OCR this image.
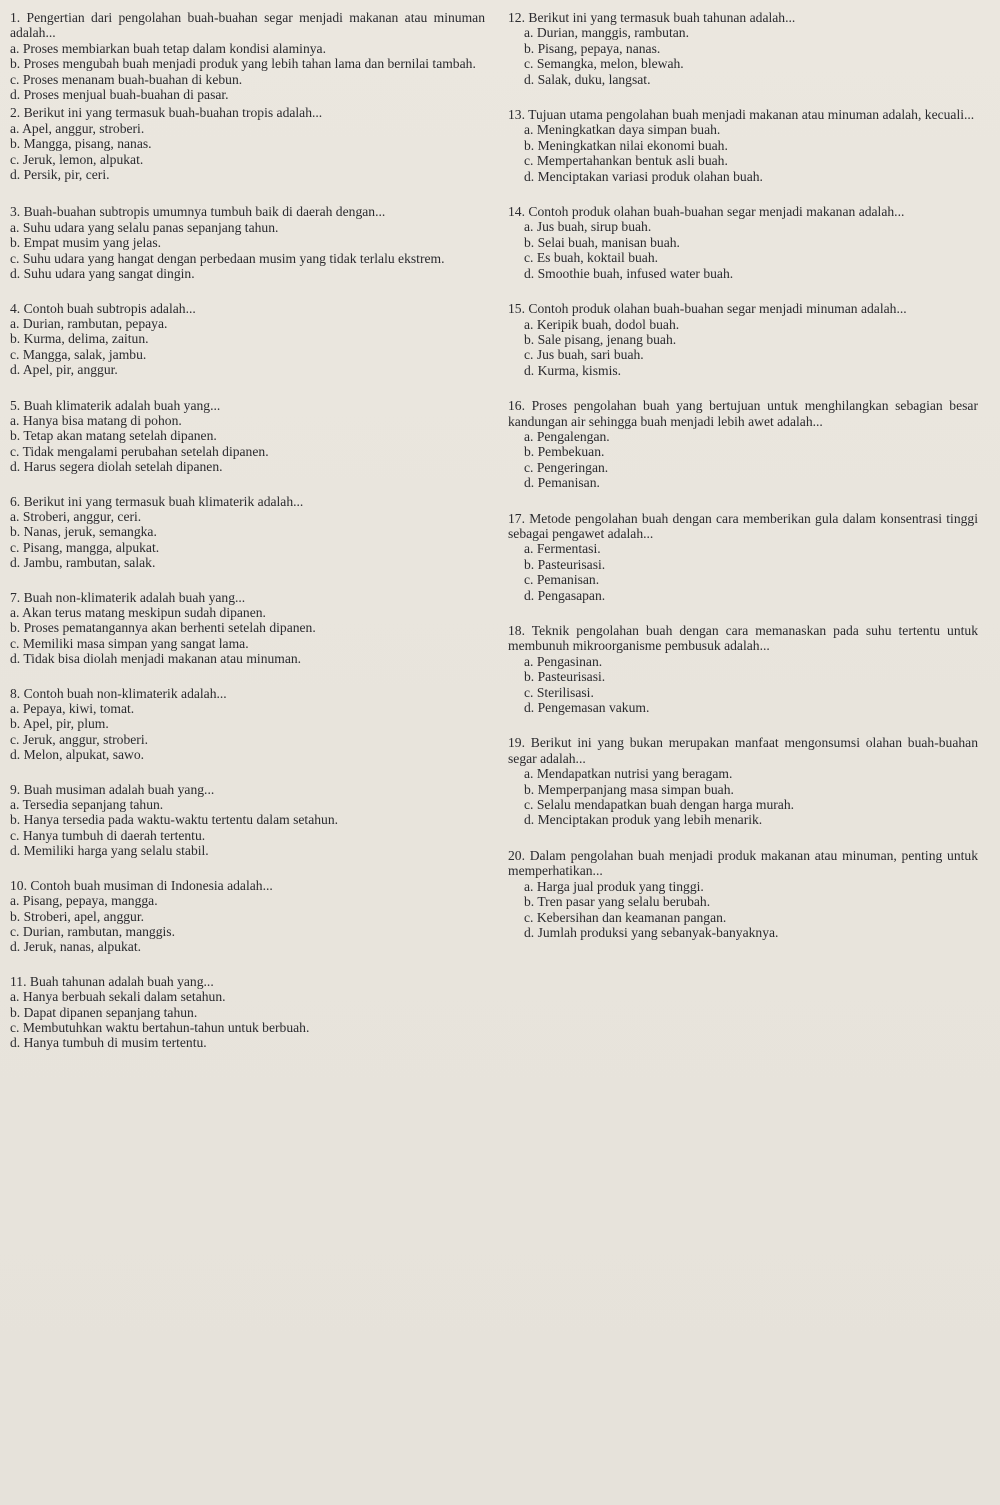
1. Pengertian dari pengolahan buah-buahan segar menjadi makanan atau minuman adalah...

a. Proses membiarkan buah tetap dalam kondisi alaminya.
b. Proses mengubah buah menjadi produk yang lebih tahan lama dan bernilai tambah.
c. Proses menanam buah-buahan di kebun.
d. Proses menjual buah-buahan di pasar.

2. Berikut ini yang termasuk buah-buahan tropis adalah...

a. Apel, anggur, stroberi.
b. Mangga, pisang, nanas.
c. Jeruk, lemon, alpukat.
d. Persik, pir, ceri.

3. Buah-buahan subtropis umumnya tumbuh baik di daerah dengan...

a. Suhu udara yang selalu panas sepanjang tahun.
b. Empat musim yang jelas.
c. Suhu udara yang hangat dengan perbedaan musim yang tidak terlalu ekstrem.
d. Suhu udara yang sangat dingin.

4. Contoh buah subtropis adalah...

a. Durian, rambutan, pepaya.
b. Kurma, delima, zaitun.
c. Mangga, salak, jambu.
d. Apel, pir, anggur.

5. Buah klimaterik adalah buah yang...

a. Hanya bisa matang di pohon.
b. Tetap akan matang setelah dipanen.
c. Tidak mengalami perubahan setelah dipanen.
d. Harus segera diolah setelah dipanen.

6. Berikut ini yang termasuk buah klimaterik adalah...

a. Stroberi, anggur, ceri.
b. Nanas, jeruk, semangka.
c. Pisang, mangga, alpukat.
d. Jambu, rambutan, salak.

7. Buah non-klimaterik adalah buah yang...

a. Akan terus matang meskipun sudah dipanen.
b. Proses pematangannya akan berhenti setelah dipanen.
c. Memiliki masa simpan yang sangat lama.
d. Tidak bisa diolah menjadi makanan atau minuman.

8. Contoh buah non-klimaterik adalah...

a. Pepaya, kiwi, tomat.
b. Apel, pir, plum.
c. Jeruk, anggur, stroberi.
d. Melon, alpukat, sawo.

9. Buah musiman adalah buah yang...

a. Tersedia sepanjang tahun.
b. Hanya tersedia pada waktu-waktu tertentu dalam setahun.
c. Hanya tumbuh di daerah tertentu.
d. Memiliki harga yang selalu stabil.

10. Contoh buah musiman di Indonesia adalah...

a. Pisang, pepaya, mangga.
b. Stroberi, apel, anggur.
c. Durian, rambutan, manggis.
d. Jeruk, nanas, alpukat.

11. Buah tahunan adalah buah yang...

a. Hanya berbuah sekali dalam setahun.
b. Dapat dipanen sepanjang tahun.
c. Membutuhkan waktu bertahun-tahun untuk berbuah.
d. Hanya tumbuh di musim tertentu.

12. Berikut ini yang termasuk buah tahunan adalah...

a. Durian, manggis, rambutan.
b. Pisang, pepaya, nanas.
c. Semangka, melon, blewah.
d. Salak, duku, langsat.

13. Tujuan utama pengolahan buah menjadi makanan atau minuman adalah, kecuali...

a. Meningkatkan daya simpan buah.
b. Meningkatkan nilai ekonomi buah.
c. Mempertahankan bentuk asli buah.
d. Menciptakan variasi produk olahan buah.

14. Contoh produk olahan buah-buahan segar menjadi makanan adalah...

a. Jus buah, sirup buah.
b. Selai buah, manisan buah.
c. Es buah, koktail buah.
d. Smoothie buah, infused water buah.

15. Contoh produk olahan buah-buahan segar menjadi minuman adalah...

a. Keripik buah, dodol buah.
b. Sale pisang, jenang buah.
c. Jus buah, sari buah.
d. Kurma, kismis.

16. Proses pengolahan buah yang bertujuan untuk menghilangkan sebagian besar kandungan air sehingga buah menjadi lebih awet adalah...

a. Pengalengan.
b. Pembekuan.
c. Pengeringan.
d. Pemanisan.

17. Metode pengolahan buah dengan cara memberikan gula dalam konsentrasi tinggi sebagai pengawet adalah...

a. Fermentasi.
b. Pasteurisasi.
c. Pemanisan.
d. Pengasapan.

18. Teknik pengolahan buah dengan cara memanaskan pada suhu tertentu untuk membunuh mikroorganisme pembusuk adalah...

a. Pengasinan.
b. Pasteurisasi.
c. Sterilisasi.
d. Pengemasan vakum.

19. Berikut ini yang bukan merupakan manfaat mengonsumsi olahan buah-buahan segar adalah...

a. Mendapatkan nutrisi yang beragam.
b. Memperpanjang masa simpan buah.
c. Selalu mendapatkan buah dengan harga murah.
d. Menciptakan produk yang lebih menarik.

20. Dalam pengolahan buah menjadi produk makanan atau minuman, penting untuk memperhatikan...

a. Harga jual produk yang tinggi.
b. Tren pasar yang selalu berubah.
c. Kebersihan dan keamanan pangan.
d. Jumlah produksi yang sebanyak-banyaknya.
